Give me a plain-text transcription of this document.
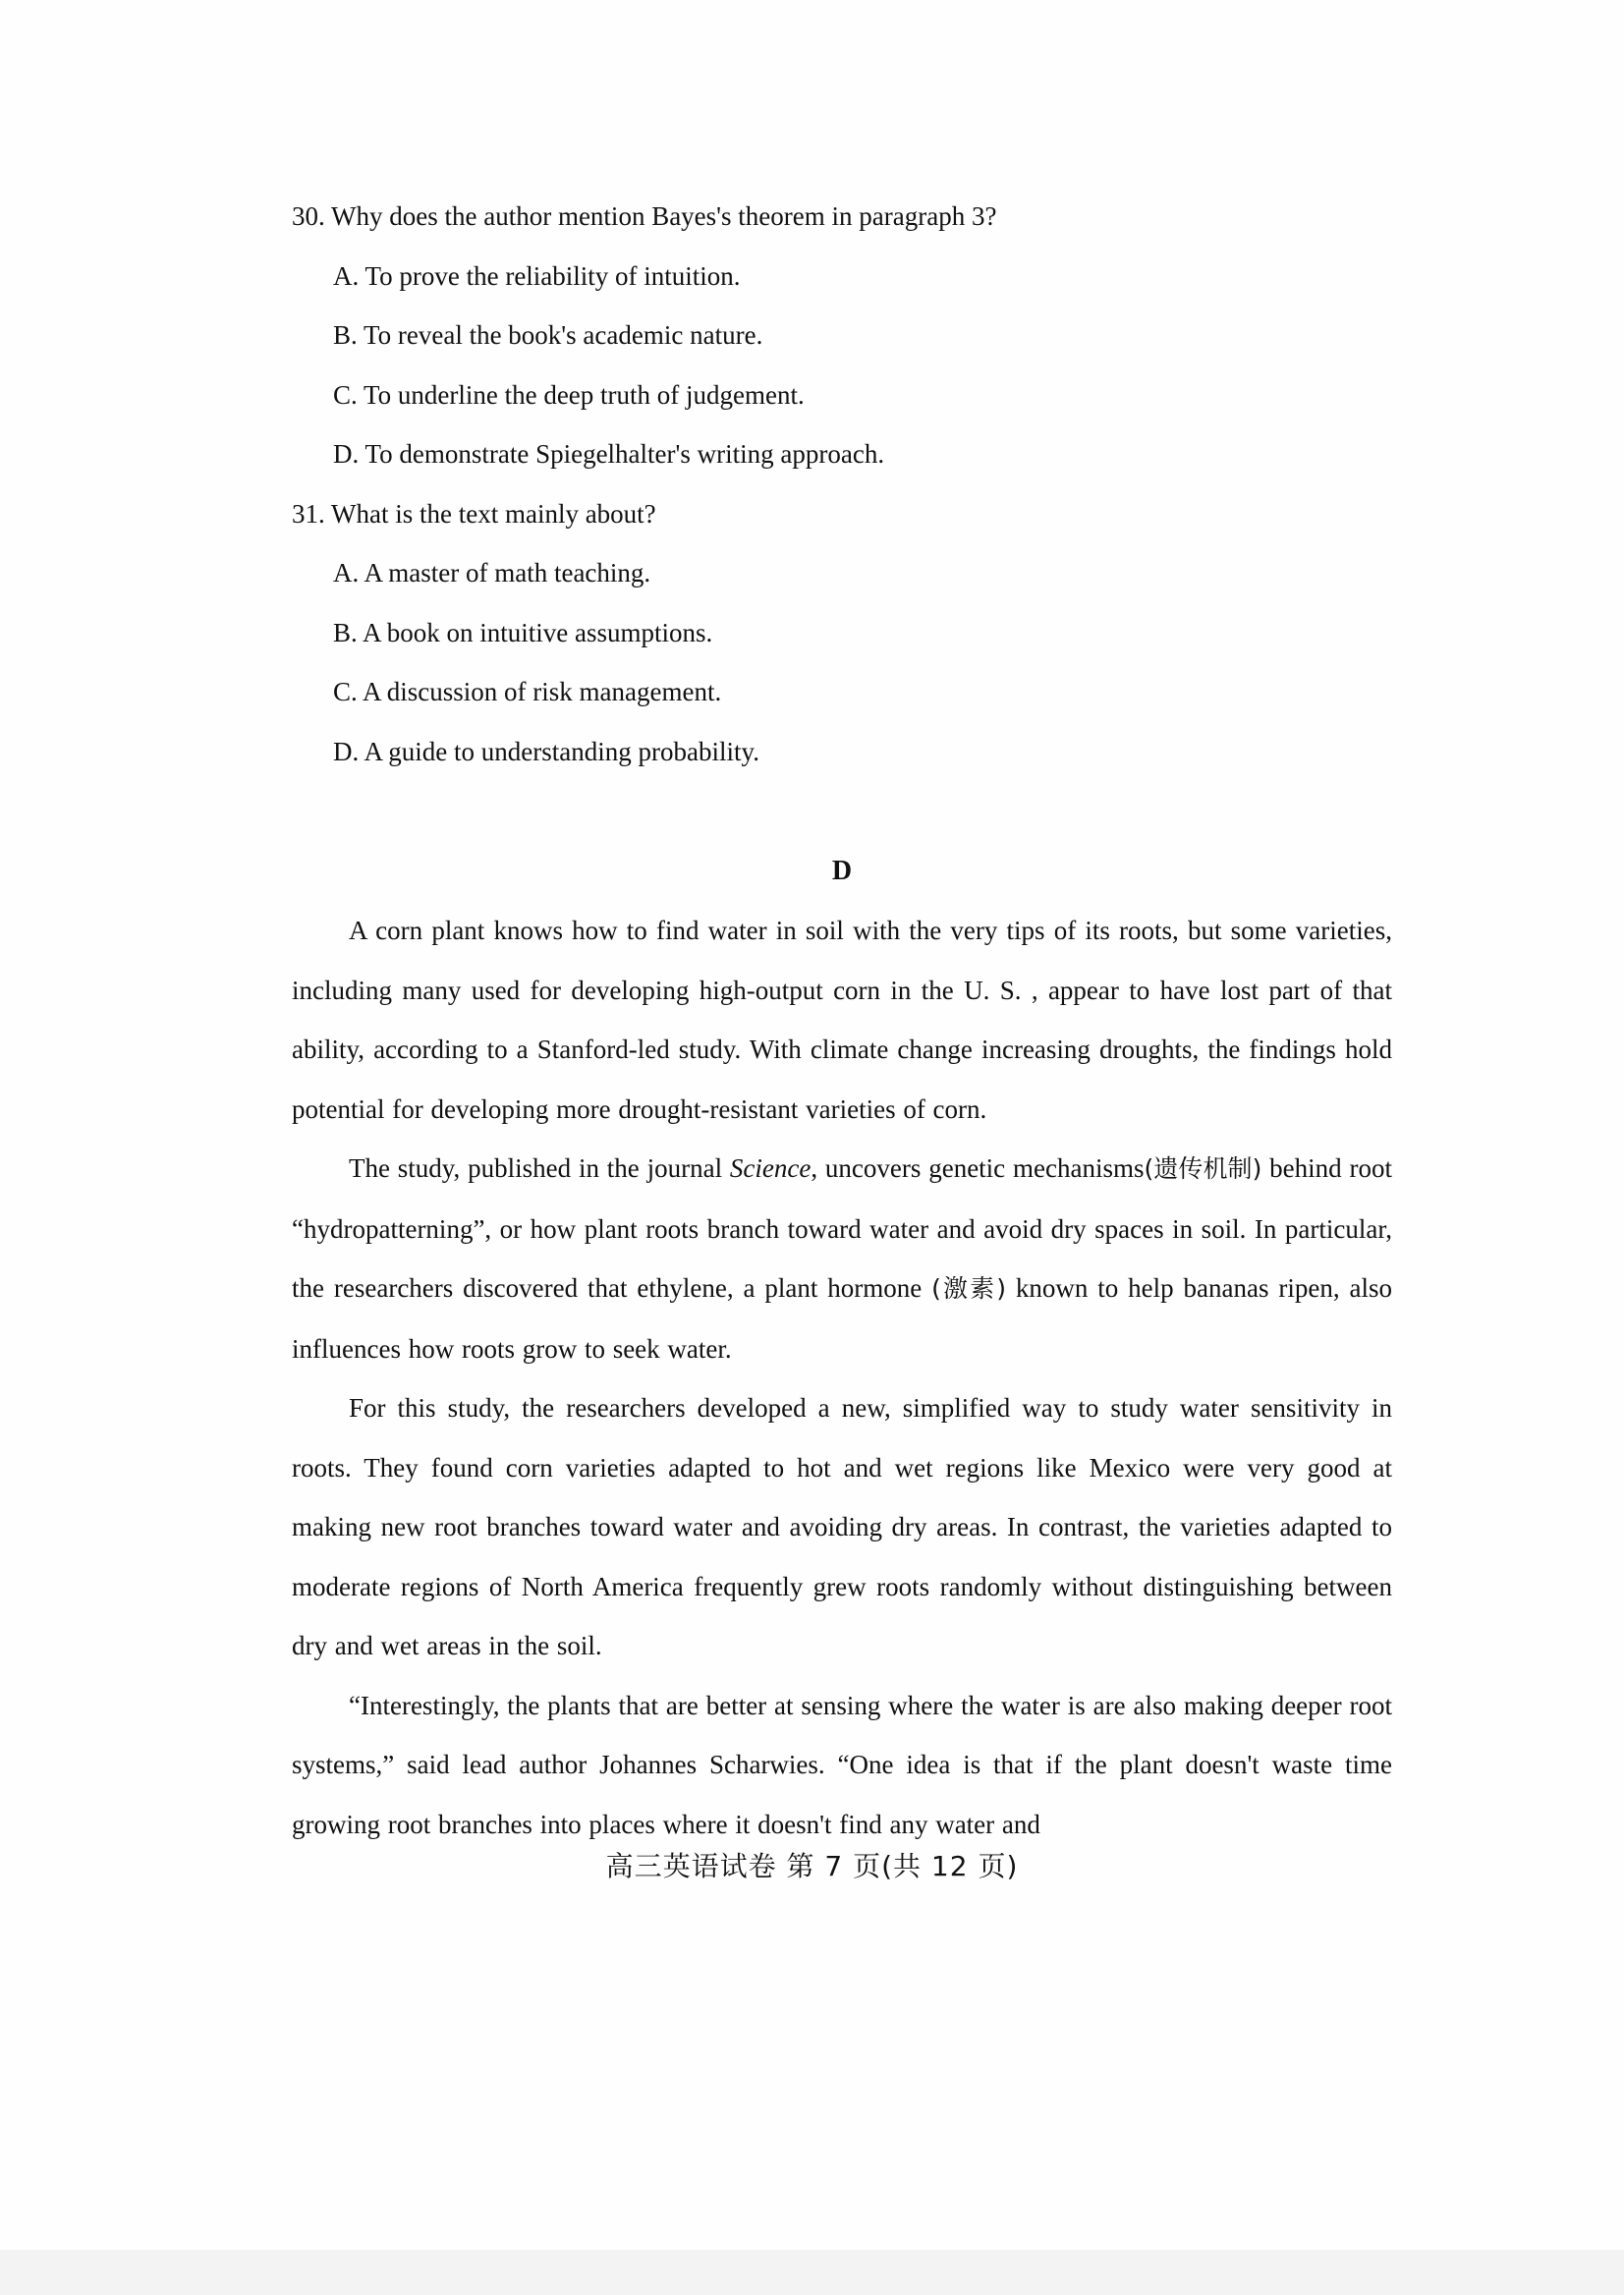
30. Why does the author mention Bayes's theorem in paragraph 3?

A. To prove the reliability of intuition.

B. To reveal the book's academic nature.

C. To underline the deep truth of judgement.

D. To demonstrate Spiegelhalter's writing approach.

31. What is the text mainly about?

A. A master of math teaching.

B. A book on intuitive assumptions.

C. A discussion of risk management.

D. A guide to understanding probability.

D

A corn plant knows how to find water in soil with the very tips of its roots, but some varieties, including many used for developing high-output corn in the U. S. , appear to have lost part of that ability, according to a Stanford-led study. With climate change increasing droughts, the findings hold potential for developing more drought-resistant varieties of corn.

The study, published in the journal Science, uncovers genetic mechanisms(遗传机制) behind root “hydropatterning”, or how plant roots branch toward water and avoid dry spaces in soil. In particular, the researchers discovered that ethylene, a plant hormone (激素) known to help bananas ripen, also influences how roots grow to seek water.

For this study, the researchers developed a new, simplified way to study water sensitivity in roots. They found corn varieties adapted to hot and wet regions like Mexico were very good at making new root branches toward water and avoiding dry areas. In contrast, the varieties adapted to moderate regions of North America frequently grew roots randomly without distinguishing between dry and wet areas in the soil.

“Interestingly, the plants that are better at sensing where the water is are also making deeper root systems,” said lead author Johannes Scharwies. “One idea is that if the plant doesn't waste time growing root branches into places where it doesn't find any water and

高三英语试卷 第 7 页(共 12 页)
